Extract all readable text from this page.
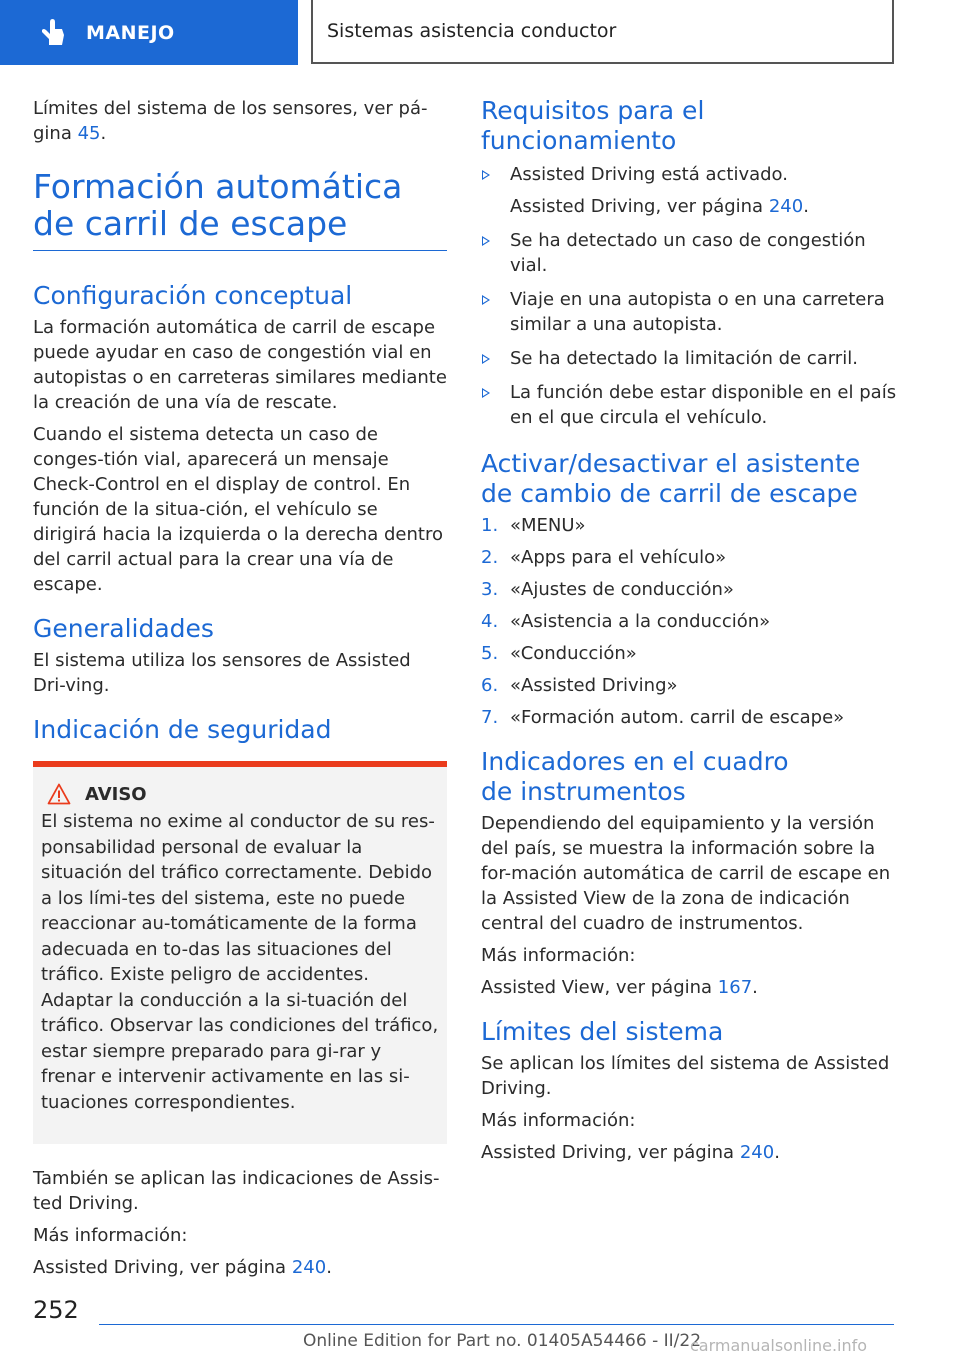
MANEJO	Sistemas asistencia conductor

Límites del sistema de los sensores, ver pá-gina 45.

Formación automática de carril de escape
Configuración conceptual

La formación automática de carril de escape puede ayudar en caso de congestión vial en autopistas o en carreteras similares mediante la creación de una vía de rescate.

Cuando el sistema detecta un caso de conges-tión vial, aparecerá un mensaje Check-Control en el display de control. En función de la situa-ción, el vehículo se dirigirá hacia la izquierda o la derecha dentro del carril actual para la crear una vía de escape.

Generalidades

El sistema utiliza los sensores de Assisted Dri-ving.

Indicación de seguridad
AVISO

El sistema no exime al conductor de su res-ponsabilidad personal de evaluar la situación del tráfico correctamente. Debido a los lími-tes del sistema, este no puede reaccionar au-tomáticamente de la forma adecuada en to-das las situaciones del tráfico. Existe peligro de accidentes. Adaptar la conducción a la si-tuación del tráfico. Observar las condiciones del tráfico, estar siempre preparado para gi-rar y frenar e intervenir activamente en las si-tuaciones correspondientes.

También se aplican las indicaciones de Assis-ted Driving.

Más información:

Assisted Driving, ver página 240.

Requisitos para el funcionamiento
Assisted Driving está activado.
Assisted Driving, ver página 240.
Se ha detectado un caso de congestión vial.
Viaje en una autopista o en una carretera similar a una autopista.
Se ha detectado la limitación de carril.
La función debe estar disponible en el país en el que circula el vehículo.
Activar/desactivar el asistente de cambio de carril de escape
1. «MENU»
2. «Apps para el vehículo»
3. «Ajustes de conducción»
4. «Asistencia a la conducción»
5. «Conducción»
6. «Assisted Driving»
7. «Formación autom. carril de escape»
Indicadores en el cuadro
de instrumentos

Dependiendo del equipamiento y la versión del país, se muestra la información sobre la for-mación automática de carril de escape en la Assisted View de la zona de indicación central del cuadro de instrumentos.

Más información:

Assisted View, ver página 167.

Límites del sistema

Se aplican los límites del sistema de Assisted Driving.

Más información:

Assisted Driving, ver página 240.

252
Online Edition for Part no. 01405A54466 - II/22
carmanualsonline.info
